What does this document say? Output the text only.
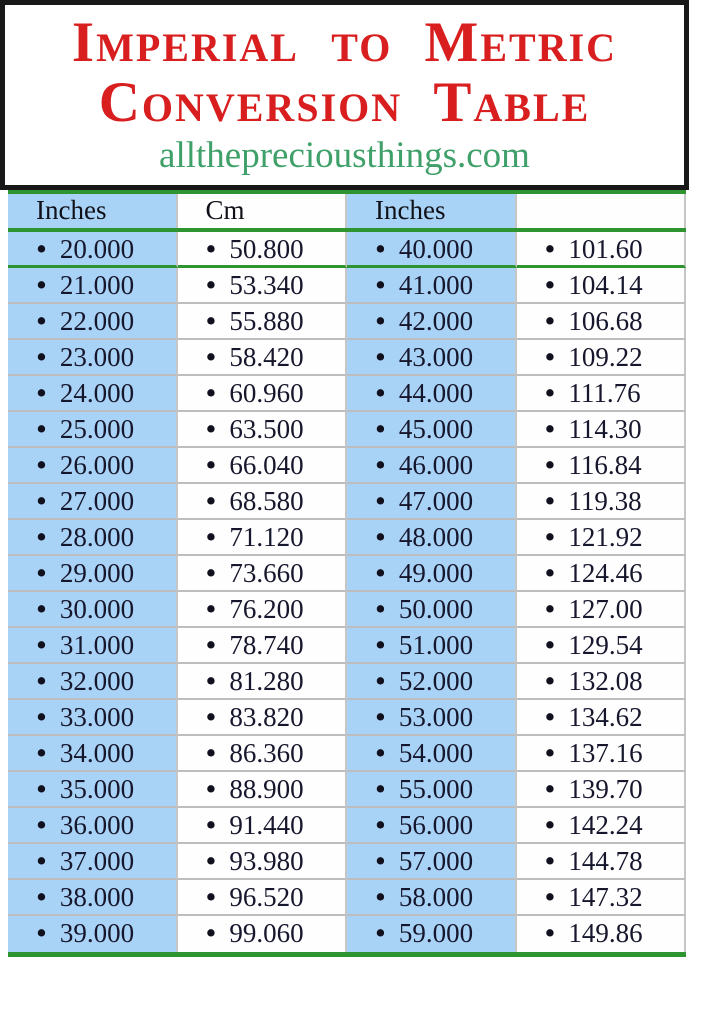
Imperial to Metric
Conversion Table
allthepreciousthings.com
Inches	Cm	Inches
• 20.000	• 50.800	• 40.000	• 101.60
• 21.000	• 53.340	• 41.000	• 104.14
• 22.000	• 55.880	• 42.000	• 106.68
• 23.000	• 58.420	• 43.000	• 109.22
• 24.000	• 60.960	• 44.000	• 111.76
• 25.000	• 63.500	• 45.000	• 114.30
• 26.000	• 66.040	• 46.000	• 116.84
• 27.000	• 68.580	• 47.000	• 119.38
• 28.000	• 71.120	• 48.000	• 121.92
• 29.000	• 73.660	• 49.000	• 124.46
• 30.000	• 76.200	• 50.000	• 127.00
• 31.000	• 78.740	• 51.000	• 129.54
• 32.000	• 81.280	• 52.000	• 132.08
• 33.000	• 83.820	• 53.000	• 134.62
• 34.000	• 86.360	• 54.000	• 137.16
• 35.000	• 88.900	• 55.000	• 139.70
• 36.000	• 91.440	• 56.000	• 142.24
• 37.000	• 93.980	• 57.000	• 144.78
• 38.000	• 96.520	• 58.000	• 147.32
• 39.000	• 99.060	• 59.000	• 149.86
